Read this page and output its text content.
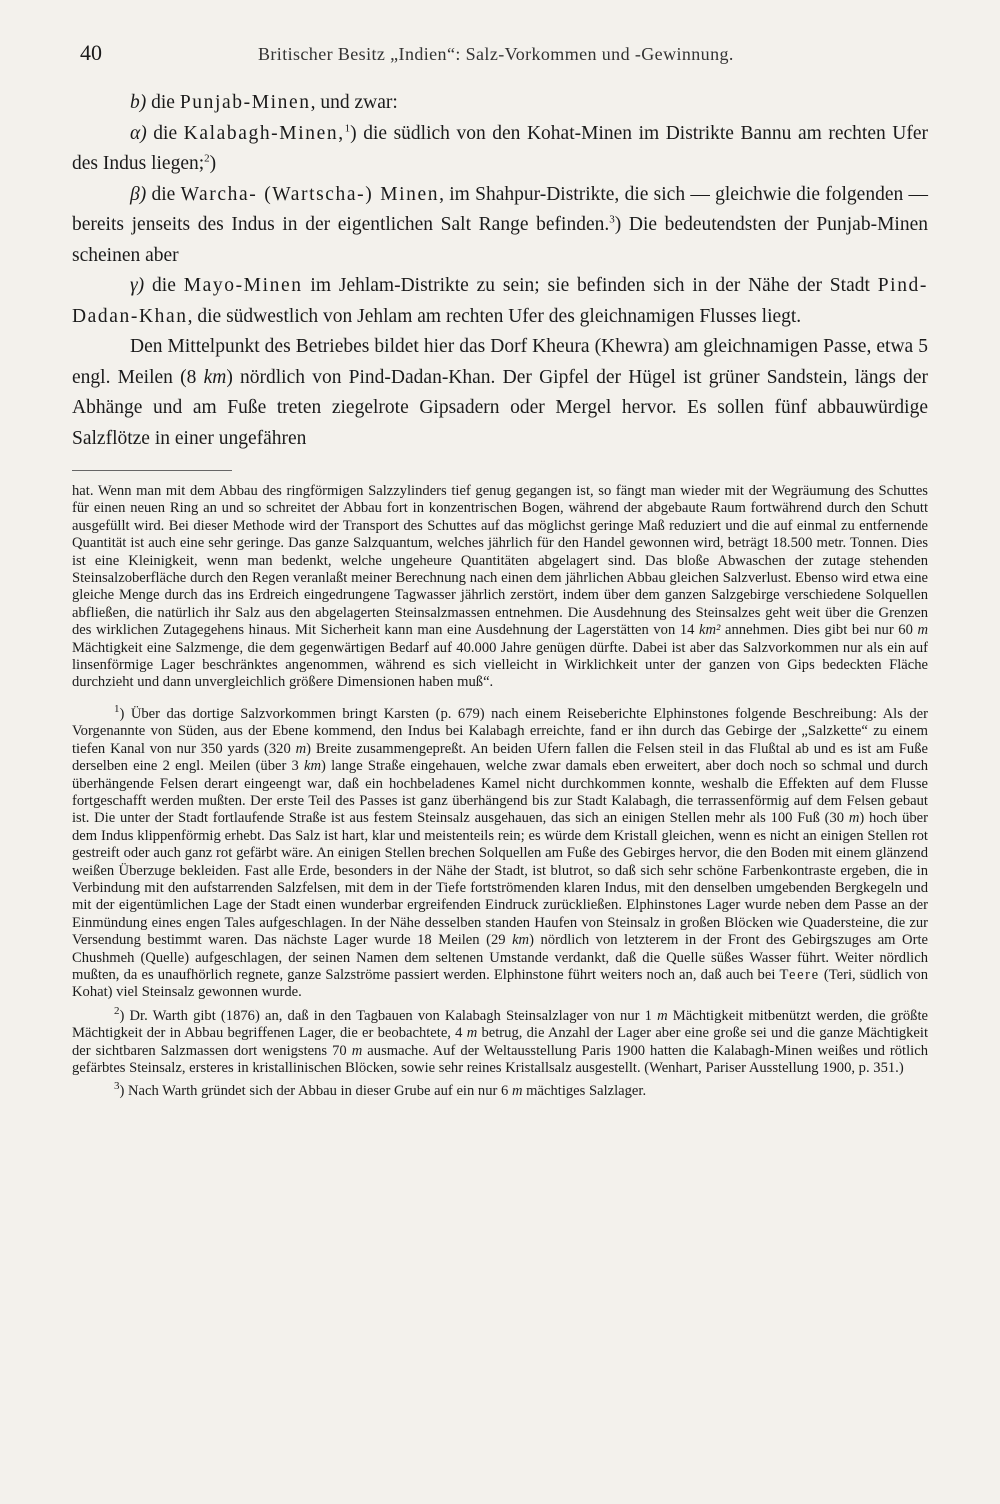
40	Britischer Besitz „Indien“: Salz-Vorkommen und -Gewinnung.

b) die Punjab-Minen, und zwar:

α) die Kalabagh-Minen,$^1$) die südlich von den Kohat-Minen im Distrikte Bannu am rechten Ufer des Indus liegen;$^2$)

β) die Warcha- (Wartscha-) Minen, im Shahpur-Distrikte, die sich — gleichwie die folgenden — bereits jenseits des Indus in der eigentlichen Salt Range befinden.$^3$) Die bedeutendsten der Punjab-Minen scheinen aber

γ) die Mayo-Minen im Jehlam-Distrikte zu sein; sie befinden sich in der Nähe der Stadt Pind-Dadan-Khan, die südwestlich von Jehlam am rechten Ufer des gleichnamigen Flusses liegt.

Den Mittelpunkt des Betriebes bildet hier das Dorf Kheura (Khewra) am gleichnamigen Passe, etwa 5 engl. Meilen (8 km) nördlich von Pind-Dadan-Khan. Der Gipfel der Hügel ist grüner Sandstein, längs der Abhänge und am Fuße treten ziegelrote Gipsadern oder Mergel hervor. Es sollen fünf abbauwürdige Salzflötze in einer ungefähren

hat. Wenn man mit dem Abbau des ringförmigen Salzzylinders tief genug gegangen ist, so fängt man wieder mit der Wegräumung des Schuttes für einen neuen Ring an und so schreitet der Abbau fort in konzentrischen Bogen, während der abgebaute Raum fortwährend durch den Schutt ausgefüllt wird. Bei dieser Methode wird der Transport des Schuttes auf das möglichst geringe Maß reduziert und die auf einmal zu entfernende Quantität ist auch eine sehr geringe. Das ganze Salzquantum, welches jährlich für den Handel gewonnen wird, beträgt 18.500 metr. Tonnen. Dies ist eine Kleinigkeit, wenn man bedenkt, welche ungeheure Quantitäten abgelagert sind. Das bloße Abwaschen der zutage stehenden Steinsalzoberfläche durch den Regen veranlaßt meiner Berechnung nach einen dem jährlichen Abbau gleichen Salzverlust. Ebenso wird etwa eine gleiche Menge durch das ins Erdreich eingedrungene Tagwasser jährlich zerstört, indem über dem ganzen Salzgebirge verschiedene Solquellen abfließen, die natürlich ihr Salz aus den abgelagerten Steinsalzmassen entnehmen. Die Ausdehnung des Steinsalzes geht weit über die Grenzen des wirklichen Zutagegehens hinaus. Mit Sicherheit kann man eine Ausdehnung der Lagerstätten von 14 km² annehmen. Dies gibt bei nur 60 m Mächtigkeit eine Salzmenge, die dem gegenwärtigen Bedarf auf 40.000 Jahre genügen dürfte. Dabei ist aber das Salzvorkommen nur als ein auf linsenförmige Lager beschränktes angenommen, während es sich vielleicht in Wirklichkeit unter der ganzen von Gips bedeckten Fläche durchzieht und dann unvergleichlich größere Dimensionen haben muß“.

$^1$) Über das dortige Salzvorkommen bringt Karsten (p. 679) nach einem Reiseberichte Elphinstones folgende Beschreibung: Als der Vorgenannte von Süden, aus der Ebene kommend, den Indus bei Kalabagh erreichte, fand er ihn durch das Gebirge der „Salzkette“ zu einem tiefen Kanal von nur 350 yards (320 m) Breite zusammengepreßt. An beiden Ufern fallen die Felsen steil in das Flußtal ab und es ist am Fuße derselben eine 2 engl. Meilen (über 3 km) lange Straße eingehauen, welche zwar damals eben erweitert, aber doch noch so schmal und durch überhängende Felsen derart eingeengt war, daß ein hochbeladenes Kamel nicht durchkommen konnte, weshalb die Effekten auf dem Flusse fortgeschafft werden mußten. Der erste Teil des Passes ist ganz überhängend bis zur Stadt Kalabagh, die terrassenförmig auf dem Felsen gebaut ist. Die unter der Stadt fortlaufende Straße ist aus festem Steinsalz ausgehauen, das sich an einigen Stellen mehr als 100 Fuß (30 m) hoch über dem Indus klippenförmig erhebt. Das Salz ist hart, klar und meistenteils rein; es würde dem Kristall gleichen, wenn es nicht an einigen Stellen rot gestreift oder auch ganz rot gefärbt wäre. An einigen Stellen brechen Solquellen am Fuße des Gebirges hervor, die den Boden mit einem glänzend weißen Überzuge bekleiden. Fast alle Erde, besonders in der Nähe der Stadt, ist blutrot, so daß sich sehr schöne Farbenkontraste ergeben, die in Verbindung mit den aufstarrenden Salzfelsen, mit dem in der Tiefe fortströmenden klaren Indus, mit den denselben umgebenden Bergkegeln und mit der eigentümlichen Lage der Stadt einen wunderbar ergreifenden Eindruck zurückließen. Elphinstones Lager wurde neben dem Passe an der Einmündung eines engen Tales aufgeschlagen. In der Nähe desselben standen Haufen von Steinsalz in großen Blöcken wie Quadersteine, die zur Versendung bestimmt waren. Das nächste Lager wurde 18 Meilen (29 km) nördlich von letzterem in der Front des Gebirgszuges am Orte Chushmeh (Quelle) aufgeschlagen, der seinen Namen dem seltenen Umstande verdankt, daß die Quelle süßes Wasser führt. Weiter nördlich mußten, da es unaufhörlich regnete, ganze Salzströme passiert werden. Elphinstone führt weiters noch an, daß auch bei Teere (Teri, südlich von Kohat) viel Steinsalz gewonnen wurde.

$^2$) Dr. Warth gibt (1876) an, daß in den Tagbauen von Kalabagh Steinsalzlager von nur 1 m Mächtigkeit mitbenützt werden, die größte Mächtigkeit der in Abbau begriffenen Lager, die er beobachtete, 4 m betrug, die Anzahl der Lager aber eine große sei und die ganze Mächtigkeit der sichtbaren Salzmassen dort wenigstens 70 m ausmache. Auf der Weltausstellung Paris 1900 hatten die Kalabagh-Minen weißes und rötlich gefärbtes Steinsalz, ersteres in kristallinischen Blöcken, sowie sehr reines Kristallsalz ausgestellt. (Wenhart, Pariser Ausstellung 1900, p. 351.)

$^3$) Nach Warth gründet sich der Abbau in dieser Grube auf ein nur 6 m mächtiges Salzlager.
